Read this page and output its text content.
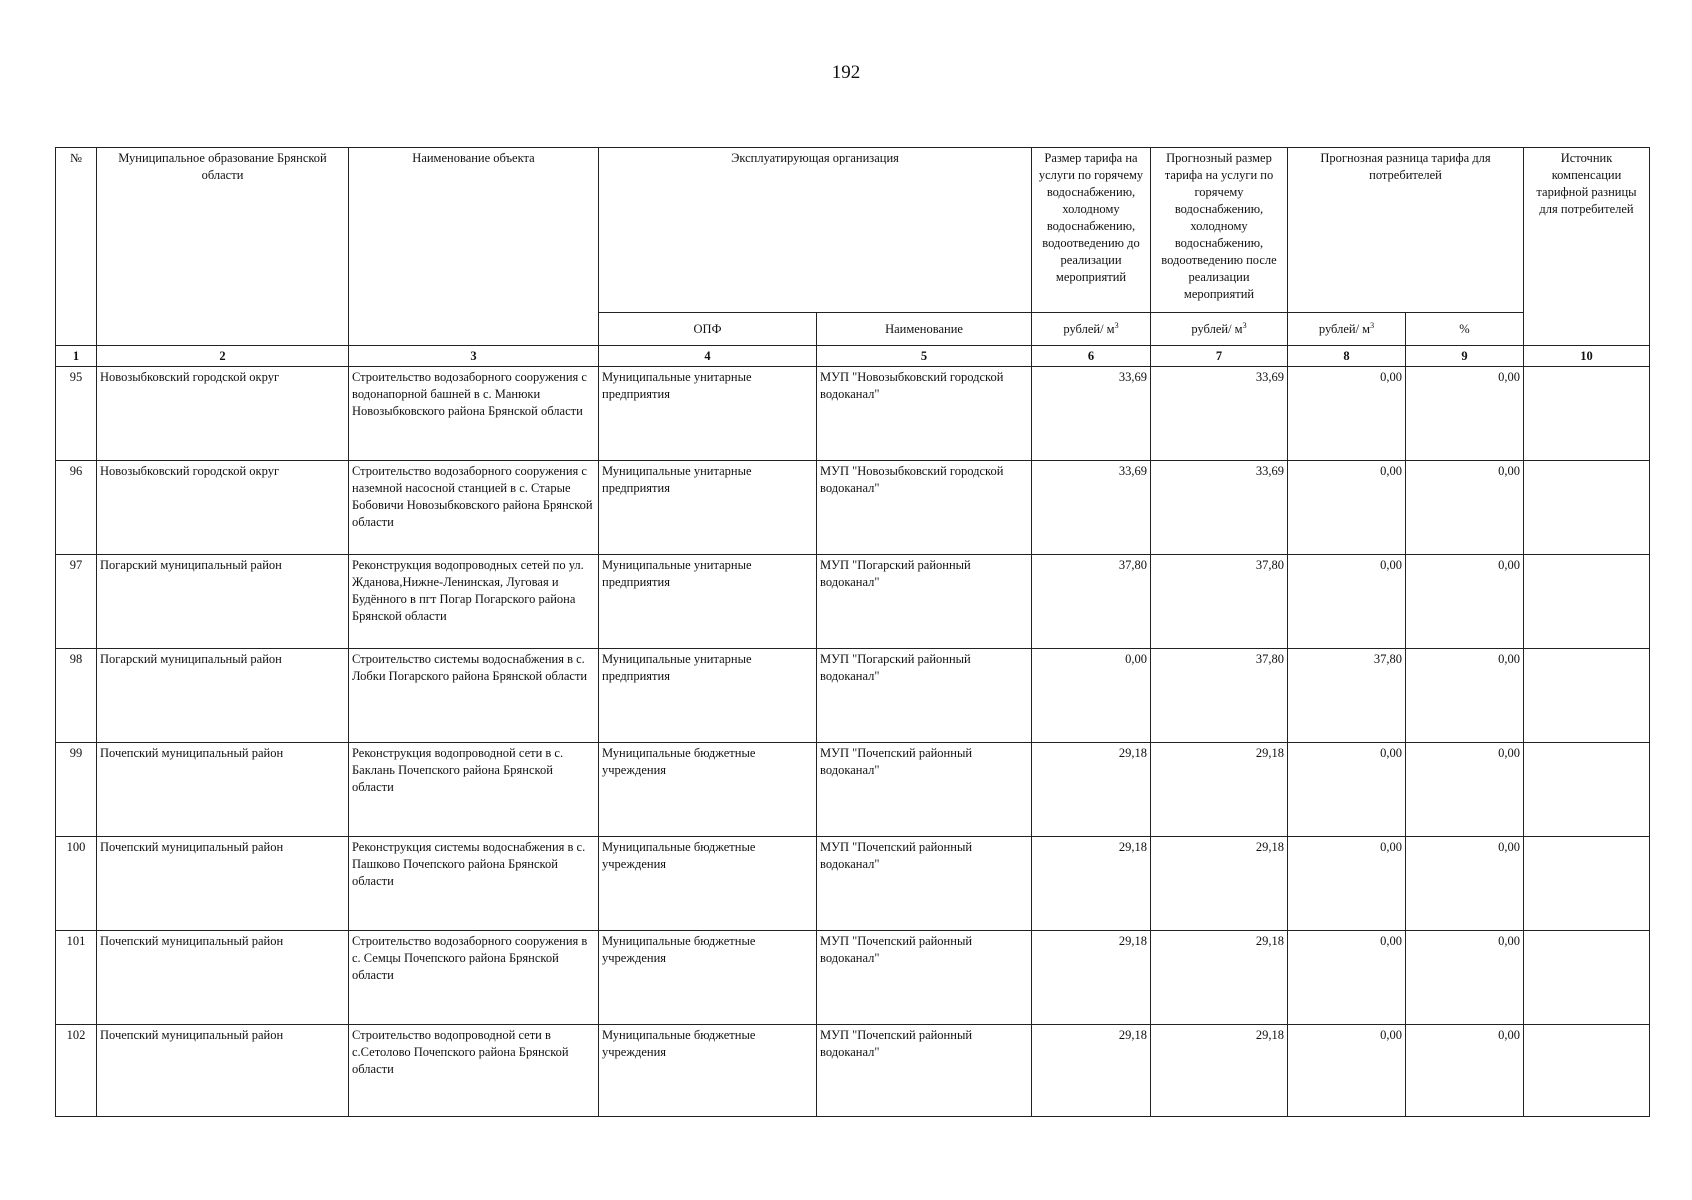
192
№	Муниципальное образование Брянской области	Наименование объекта	Эксплуатирующая организация		Размер тарифа на услуги по горячему водоснабжению, холодному водоснабжению, водоотведению до реализации мероприятий	Прогнозный размер тарифа на услуги по горячему водоснабжению, холодному водоснабжению, водоотведению после реализации мероприятий	Прогнозная разница тарифа для потребителей		Источник компенсации тарифной разницы для потребителей
			ОПФ	Наименование	рублей/ $м^3$	рублей/ $м^3$	рублей/ $м^3$	%	
1	2	3	4	5	6	7	8	9	10
95	Новозыбковский городской округ	Строительство водозаборного сооружения с водонапорной башней в с. Манюки Новозыбковского района Брянской области	Муниципальные унитарные предприятия	МУП "Новозыбковский городской водоканал"	33,69	33,69	0,00	0,00	
96	Новозыбковский городской округ	Строительство водозаборного сооружения с наземной насосной станцией в с. Старые Бобовичи Новозыбковского района Брянской области	Муниципальные унитарные предприятия	МУП "Новозыбковский городской водоканал"	33,69	33,69	0,00	0,00	
97	Погарский муниципальный район	Реконструкция водопроводных сетей по ул. Жданова,Нижне-Ленинская, Луговая и Будённого в пгт Погар Погарского района Брянской области	Муниципальные унитарные предприятия	МУП "Погарский районный водоканал"	37,80	37,80	0,00	0,00	
98	Погарский муниципальный район	Строительство системы водоснабжения в с. Лобки Погарского района Брянской области	Муниципальные унитарные предприятия	МУП "Погарский районный водоканал"	0,00	37,80	37,80	0,00	
99	Почепский муниципальный район	Реконструкция водопроводной сети в с. Баклань Почепского района Брянской области	Муниципальные бюджетные учреждения	МУП "Почепский районный водоканал"	29,18	29,18	0,00	0,00	
100	Почепский муниципальный район	Реконструкция системы водоснабжения в с. Пашково Почепского района Брянской области	Муниципальные бюджетные учреждения	МУП "Почепский районный водоканал"	29,18	29,18	0,00	0,00	
101	Почепский муниципальный район	Строительство водозаборного сооружения в с. Семцы Почепского района Брянской области	Муниципальные бюджетные учреждения	МУП "Почепский районный водоканал"	29,18	29,18	0,00	0,00	
102	Почепский муниципальный район	Строительство водопроводной сети в с.Сетолово Почепского района Брянской области	Муниципальные бюджетные учреждения	МУП "Почепский районный водоканал"	29,18	29,18	0,00	0,00	
